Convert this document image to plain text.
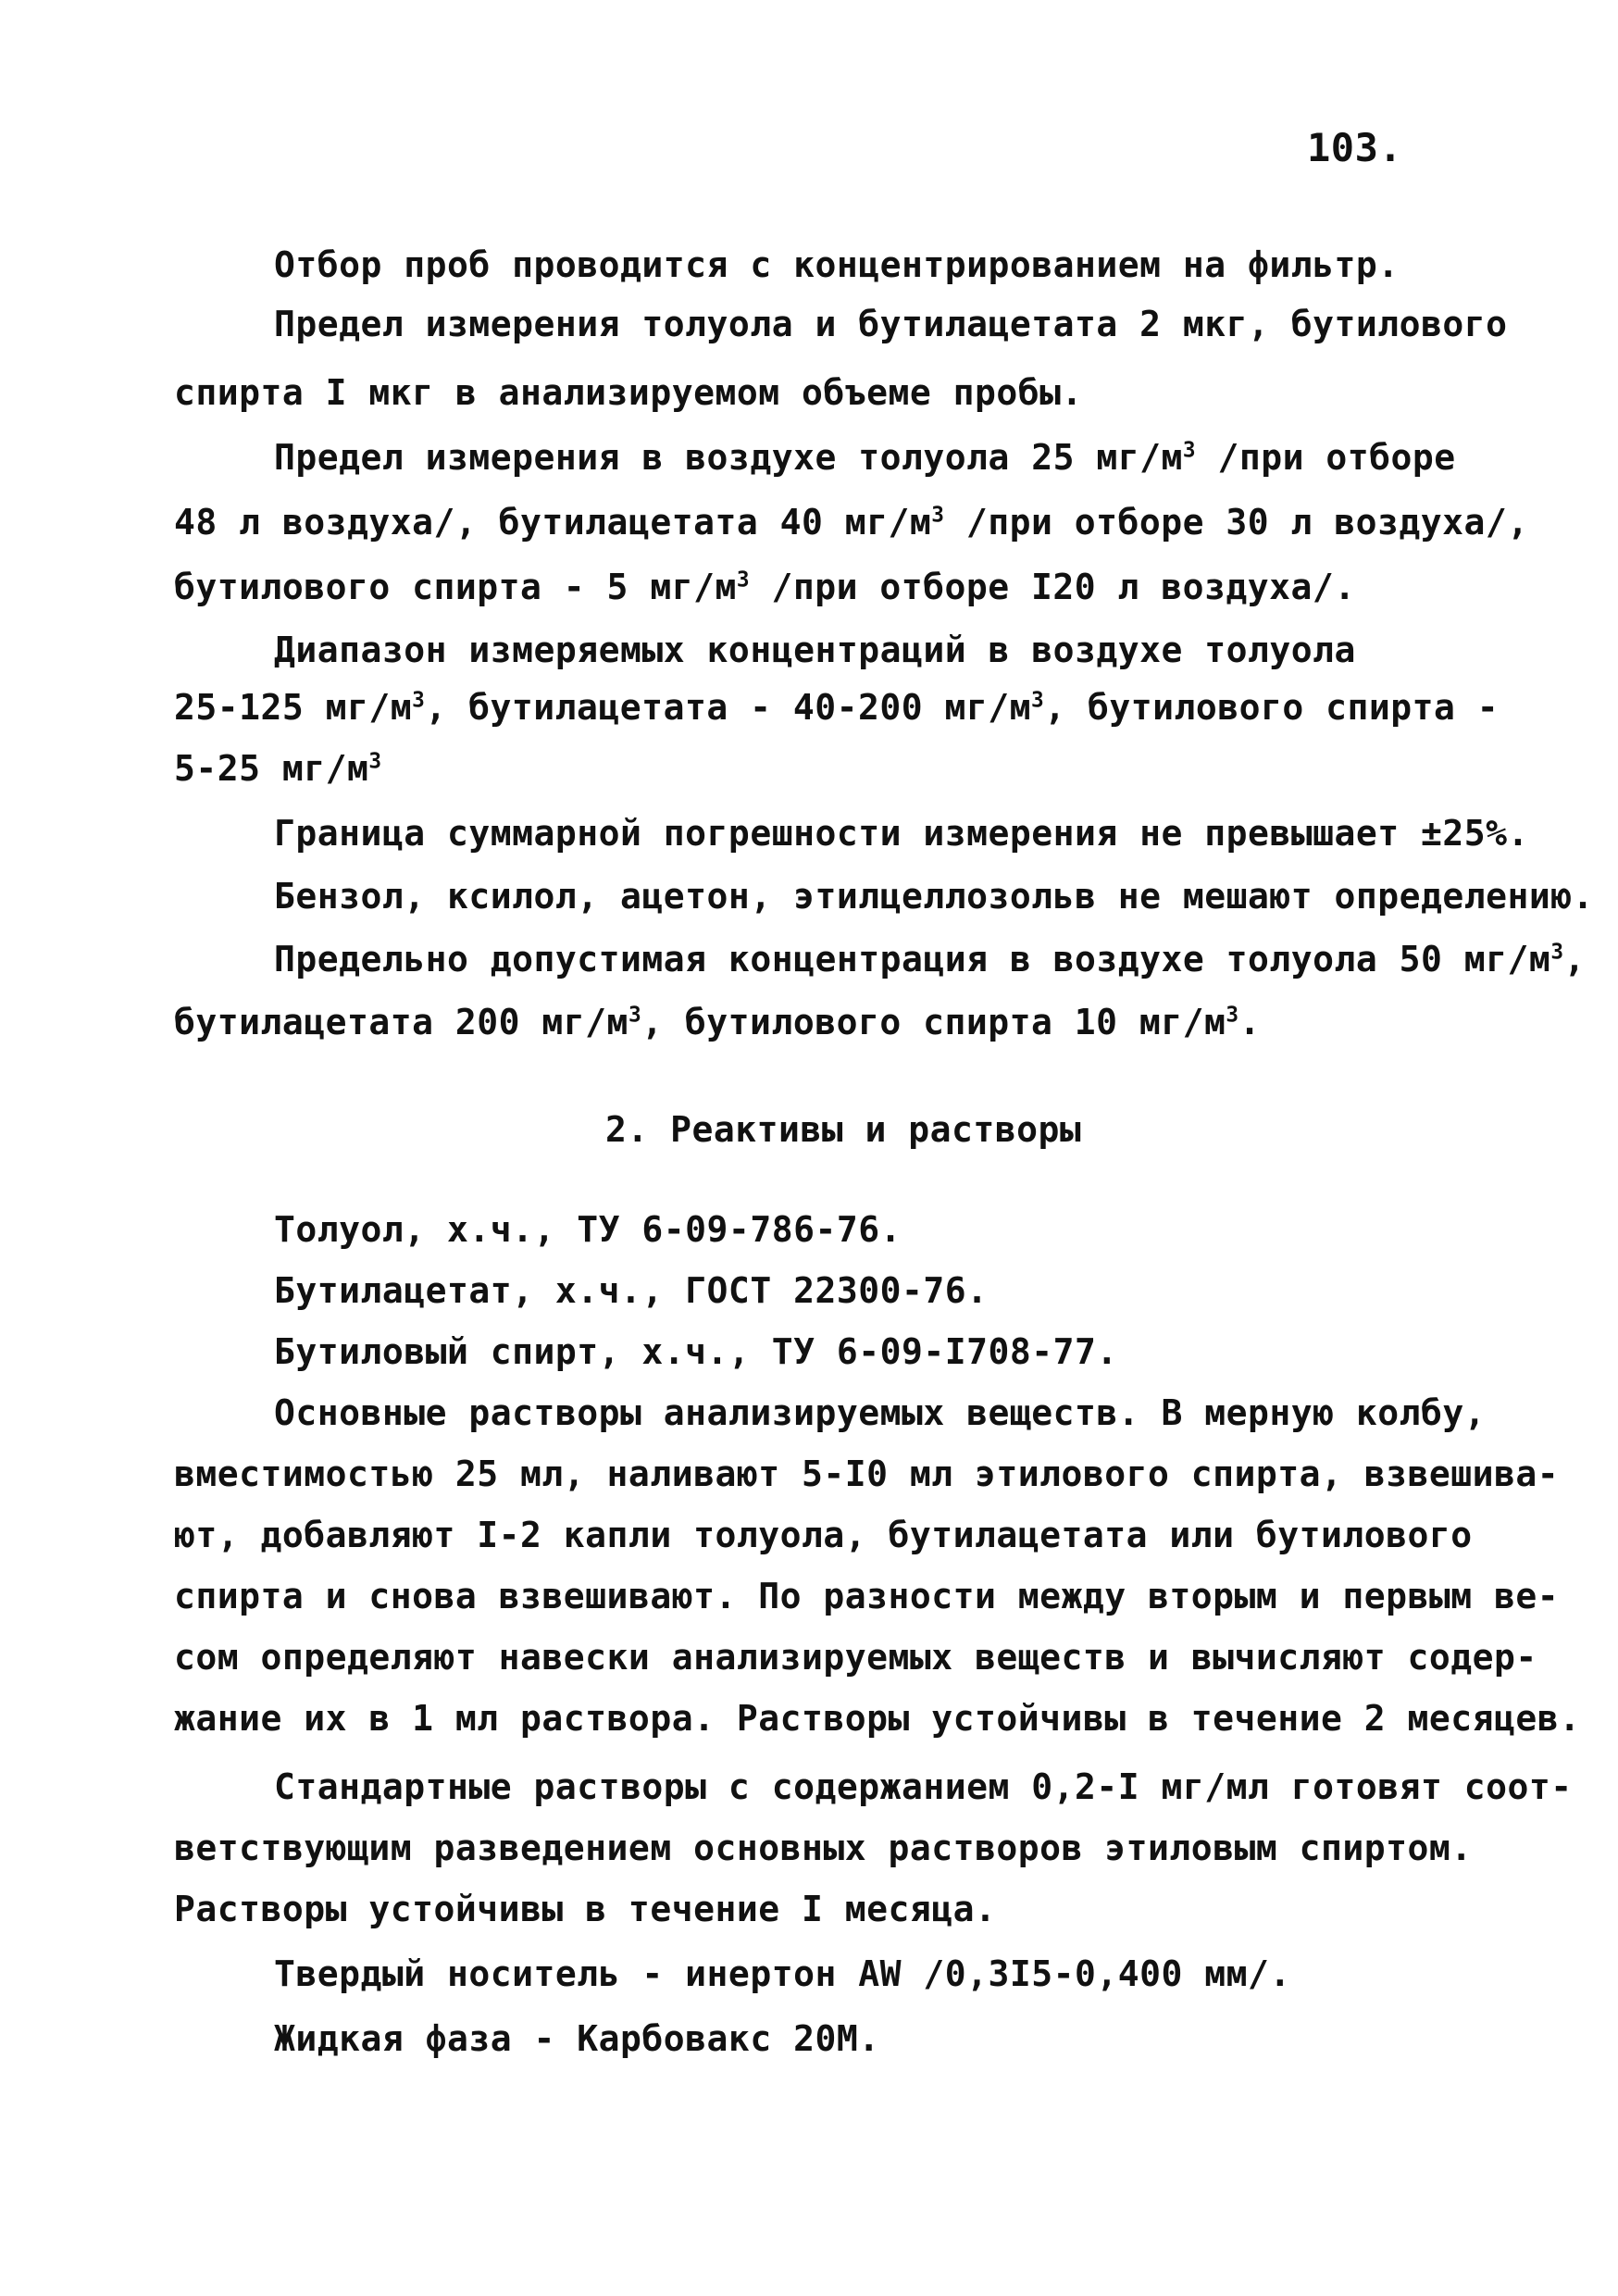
103.
Отбор проб проводится с концентрированием на фильтр.
Предел измерения толуола и бутилацетата 2 мкг, бутилового
спирта I мкг в анализируемом объеме пробы.
Предел измерения в воздухе толуола 25 $мг/м^3$ /при отборе
48 л воздуха/, бутилацетата 40 $мг/м^3$ /при отборе 30 л воздуха/,
бутилового спирта - 5 $мг/м^3$ /при отборе I20 л воздуха/.
Диапазон измеряемых концентраций в воздухе толуола
25-125 $мг/м^3$, бутилацетата - 40-200 $мг/м^3$, бутилового спирта -
5-25 $мг/м^3$
Граница суммарной погрешности измерения не превышает ±25%.
Бензол, ксилол, ацетон, этилцеллозольв не мешают определению.
Предельно допустимая концентрация в воздухе толуола 50 $мг/м^3$,
бутилацетата 200 $мг/м^3$, бутилового спирта 10 $мг/м^3$.
2. Реактивы и растворы
Толуол, х.ч., ТУ 6-09-786-76.
Бутилацетат, х.ч., ГОСТ 22300-76.
Бутиловый спирт, х.ч., ТУ 6-09-I708-77.
Основные растворы анализируемых веществ. В мерную колбу,
вместимостью 25 мл, наливают 5-I0 мл этилового спирта, взвешива-
ют, добавляют I-2 капли толуола, бутилацетата или бутилового
спирта и снова взвешивают. По разности между вторым и первым ве-
сом определяют навески анализируемых веществ и вычисляют содер-
жание их в 1 мл раствора. Растворы устойчивы в течение 2 месяцев.
Стандартные растворы с содержанием 0,2-I мг/мл готовят соот-
ветствующим разведением основных растворов этиловым спиртом.
Растворы устойчивы в течение I месяца.
Твердый носитель - инертон AW /0,3I5-0,400 мм/.
Жидкая фаза - Карбовакс 20М.
